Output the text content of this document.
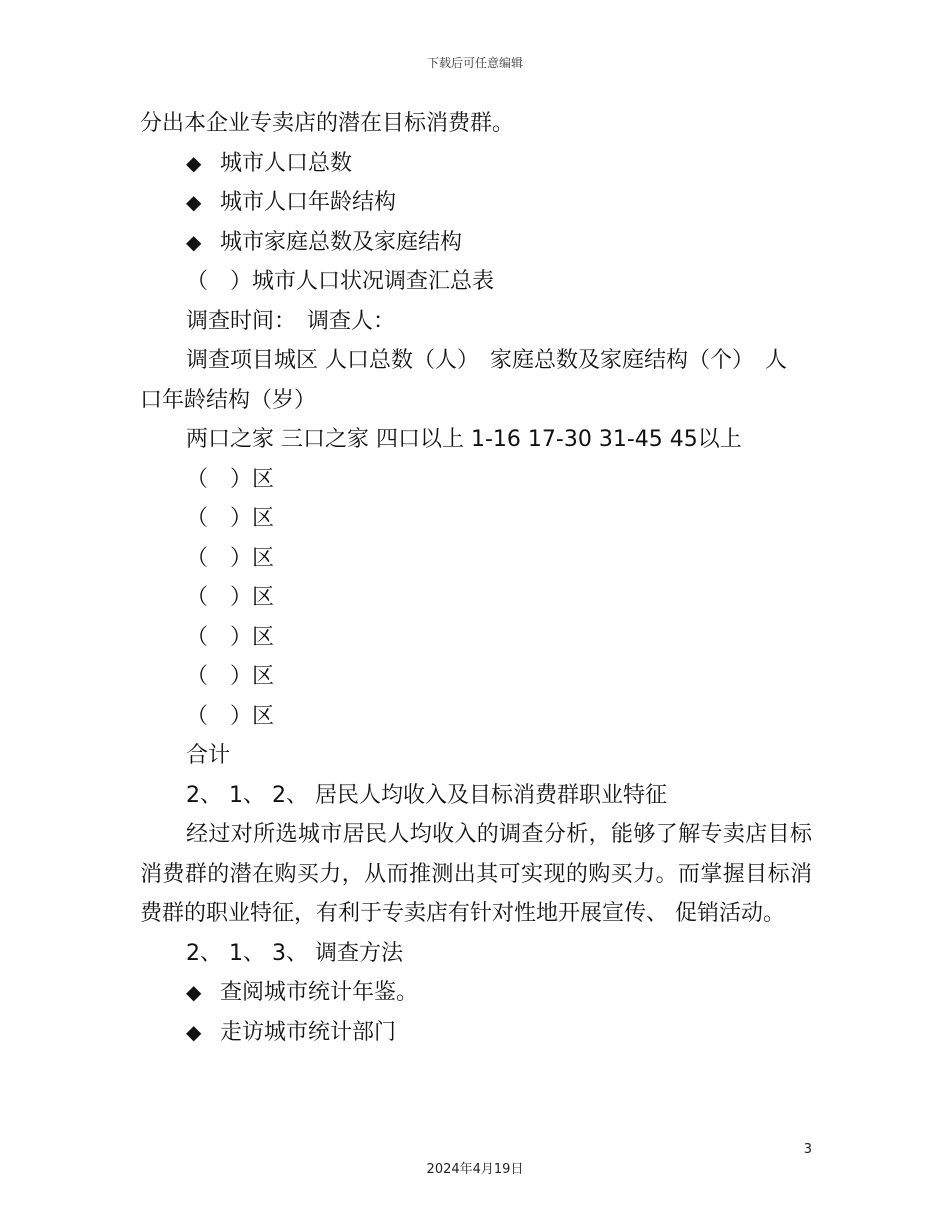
下载后可任意编辑
分出本企业专卖店的潜在目标消费群。
◆ 城市人口总数
◆ 城市人口年龄结构
◆ 城市家庭总数及家庭结构
（　）城市人口状况调查汇总表
调查时间：　调查人：
调查项目城区 人口总数（人）　家庭总数及家庭结构（个）　人
口年龄结构（岁）
两口之家 三口之家 四口以上 1-16 17-30 31-45 45以上
（　）区
（　）区
（　）区
（　）区
（　）区
（　）区
（　）区
合计
2、 1、 2、 居民人均收入及目标消费群职业特征
经过对所选城市居民人均收入的调查分析，能够了解专卖店目标消费群的潜在购买力，从而推测出其可实现的购买力。而掌握目标消费群的职业特征，有利于专卖店有针对性地开展宣传、 促销活动。
2、 1、 3、 调查方法
◆ 查阅城市统计年鉴。
◆ 走访城市统计部门
3
2024年4月19日
